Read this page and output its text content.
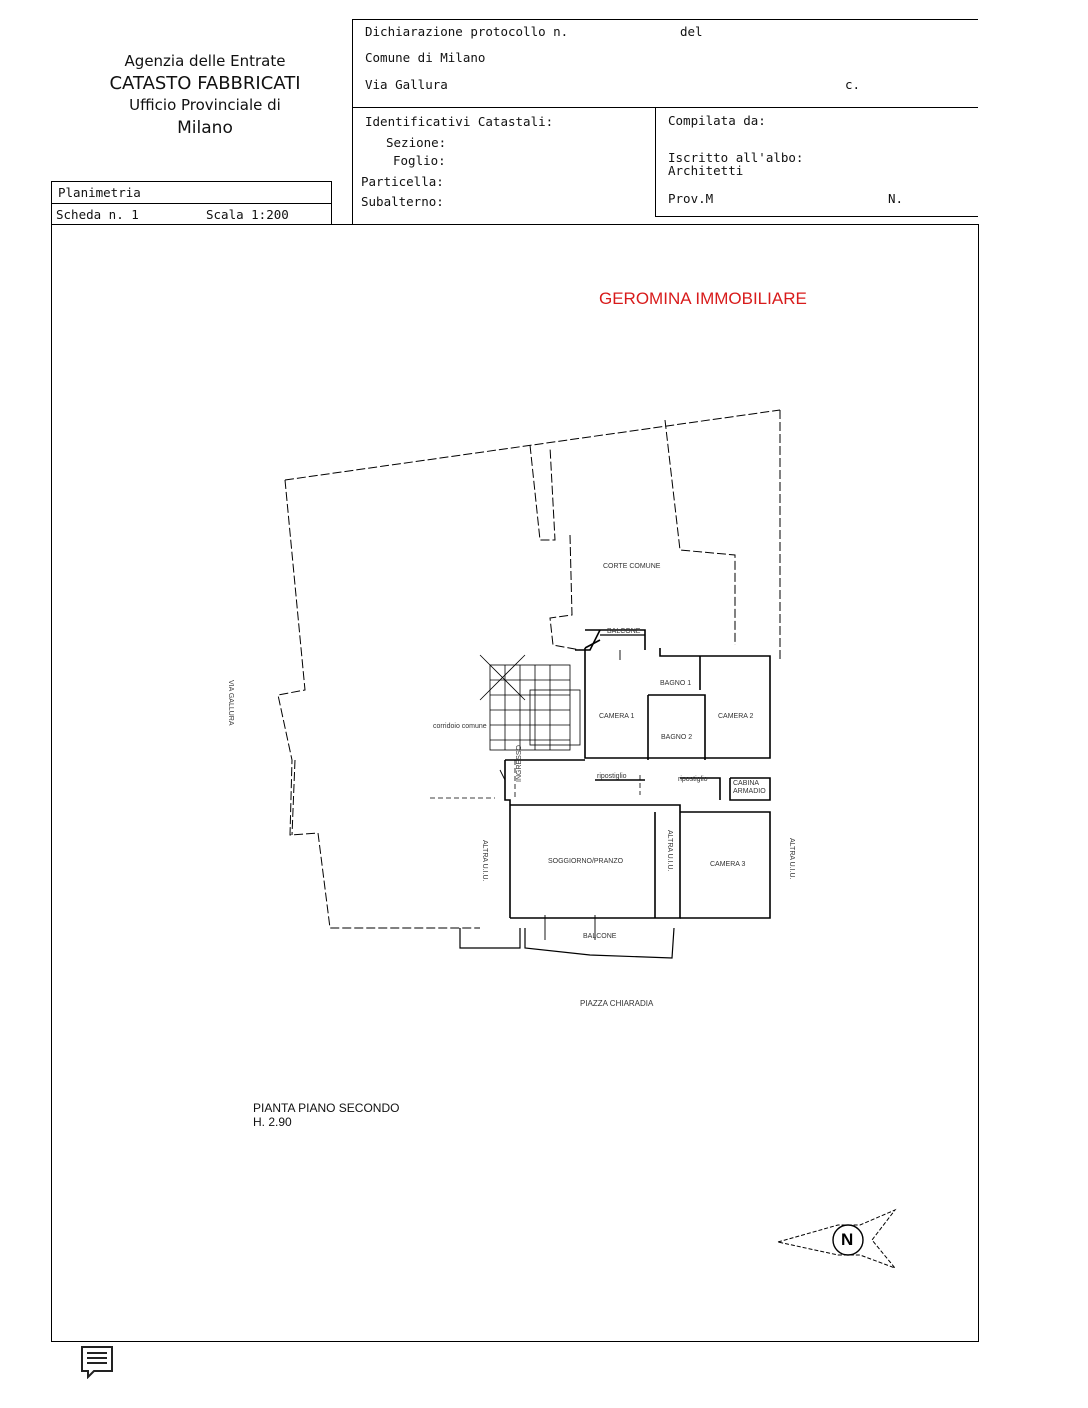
Agenzia delle Entrate
CATASTO FABBRICATI
Ufficio Provinciale di
Milano
Dichiarazione protocollo n.	del
Comune di Milano
Via Gallura	c.
Identificativi Catastali:
Sezione:
Foglio:
Particella:
Subalterno:
Compilata da:
Iscritto all'albo:
Architetti
Prov.M	N.
Planimetria
Scheda n. 1	Scala 1:200
GEROMINA IMMOBILIARE
CORTE COMUNE
BALCONE
BAGNO 1
BAGNO 2
CAMERA 1	CAMERA 2
CAMERA 3
corridoio comune
INGRESSO	ripostiglio	ripostiglio
CABINA ARMADIO
SOGGIORNO/PRANZO
BALCONE
VIA GALLURA
PIAZZA CHIARADIA
ALTRA U.I.U.	ALTRA U.I.U.	ALTRA U.I.U.
PIANTA PIANO SECONDO
H. 2.90
N
